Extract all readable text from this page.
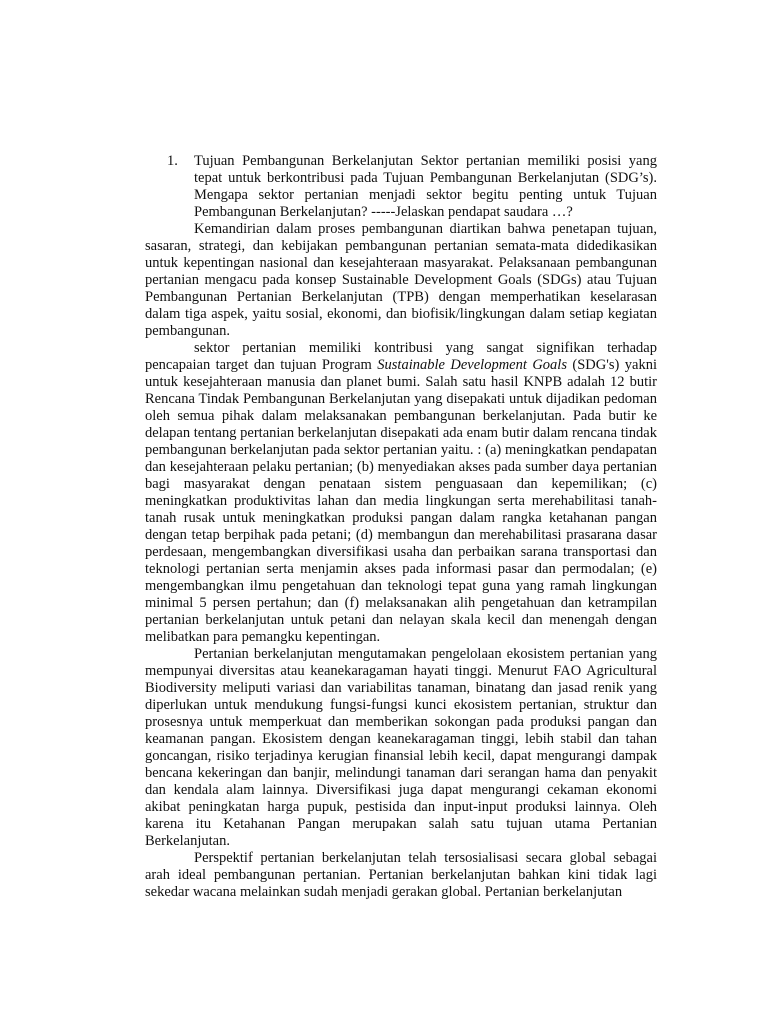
1. Tujuan Pembangunan Berkelanjutan Sektor pertanian memiliki posisi yang tepat untuk berkontribusi pada Tujuan Pembangunan Berkelanjutan (SDG’s). Mengapa sektor pertanian menjadi sektor begitu penting untuk Tujuan Pembangunan Berkelanjutan? -----Jelaskan pendapat saudara …?

Kemandirian dalam proses pembangunan diartikan bahwa penetapan tujuan, sasaran, strategi, dan kebijakan pembangunan pertanian semata-mata didedikasikan untuk kepentingan nasional dan kesejahteraan masyarakat. Pelaksanaan pembangunan pertanian mengacu pada konsep Sustainable Development Goals (SDGs) atau Tujuan Pembangunan Pertanian Berkelanjutan (TPB) dengan memperhatikan keselarasan dalam tiga aspek, yaitu sosial, ekonomi, dan biofisik/lingkungan dalam setiap kegiatan pembangunan.

sektor pertanian memiliki kontribusi yang sangat signifikan terhadap pencapaian target dan tujuan Program Sustainable Development Goals (SDG's) yakni untuk kesejahteraan manusia dan planet bumi. Salah satu hasil KNPB adalah 12 butir Rencana Tindak Pembangunan Berkelanjutan yang disepakati untuk dijadikan pedoman oleh semua pihak dalam melaksanakan pembangunan berkelanjutan. Pada butir ke delapan tentang pertanian berkelanjutan disepakati ada enam butir dalam rencana tindak pembangunan berkelanjutan pada sektor pertanian yaitu. : (a) meningkatkan pendapatan dan kesejahteraan pelaku pertanian; (b) menyediakan akses pada sumber daya pertanian bagi masyarakat dengan penataan sistem penguasaan dan kepemilikan; (c) meningkatkan produktivitas lahan dan media lingkungan serta merehabilitasi tanah-tanah rusak untuk meningkatkan produksi pangan dalam rangka ketahanan pangan dengan tetap berpihak pada petani; (d) membangun dan merehabilitasi prasarana dasar perdesaan, mengembangkan diversifikasi usaha dan perbaikan sarana transportasi dan teknologi pertanian serta menjamin akses pada informasi pasar dan permodalan; (e) mengembangkan ilmu pengetahuan dan teknologi tepat guna yang ramah lingkungan minimal 5 persen pertahun; dan (f) melaksanakan alih pengetahuan dan ketrampilan pertanian berkelanjutan untuk petani dan nelayan skala kecil dan menengah dengan melibatkan para pemangku kepentingan.

Pertanian berkelanjutan mengutamakan pengelolaan ekosistem pertanian yang mempunyai diversitas atau keanekaragaman hayati tinggi. Menurut FAO Agricultural Biodiversity meliputi variasi dan variabilitas tanaman, binatang dan jasad renik yang diperlukan untuk mendukung fungsi-fungsi kunci ekosistem pertanian, struktur dan prosesnya untuk memperkuat dan memberikan sokongan pada produksi pangan dan keamanan pangan. Ekosistem dengan keanekaragaman tinggi, lebih stabil dan tahan goncangan, risiko terjadinya kerugian finansial lebih kecil, dapat mengurangi dampak bencana kekeringan dan banjir, melindungi tanaman dari serangan hama dan penyakit dan kendala alam lainnya. Diversifikasi juga dapat mengurangi cekaman ekonomi akibat peningkatan harga pupuk, pestisida dan input-input produksi lainnya. Oleh karena itu Ketahanan Pangan merupakan salah satu tujuan utama Pertanian Berkelanjutan.

Perspektif pertanian berkelanjutan telah tersosialisasi secara global sebagai arah ideal pembangunan pertanian. Pertanian berkelanjutan bahkan kini tidak lagi sekedar wacana melainkan sudah menjadi gerakan global. Pertanian berkelanjutan
